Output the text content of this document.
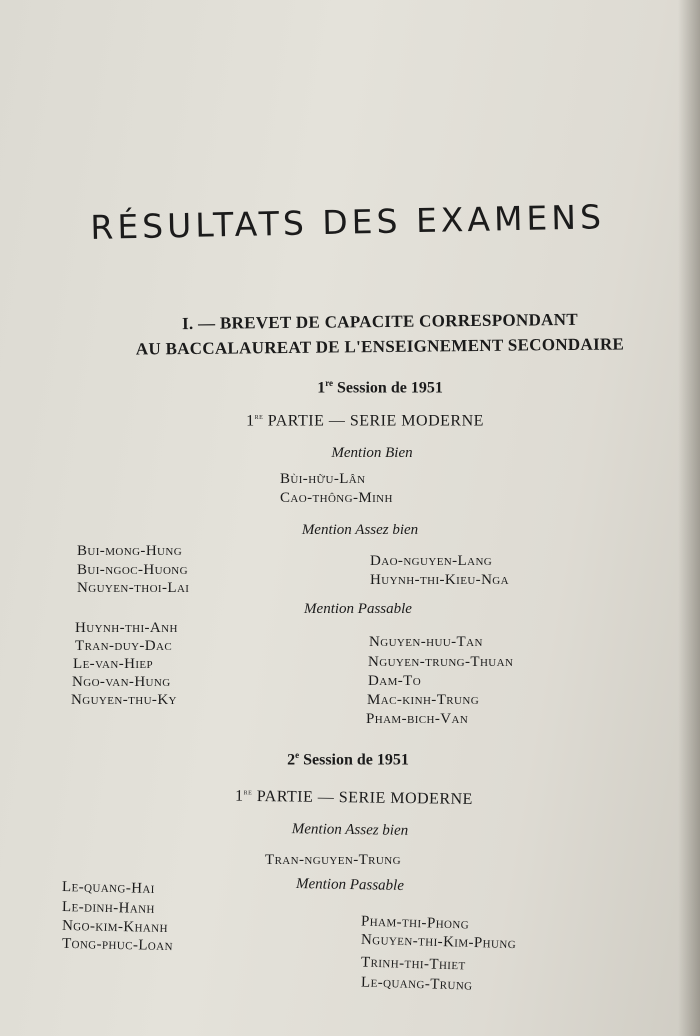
RÉSULTATS DES EXAMENS
I. — BREVET DE CAPACITE CORRESPONDANT
AU BACCALAUREAT DE L'ENSEIGNEMENT SECONDAIRE
1re Session de 1951
1re PARTIE — SERIE MODERNE
Mention Bien
Bùi-hữu-Lân
Cao-thông-Minh
Mention Assez bien
Bui-mong-Hung
Bui-ngoc-Huong
Nguyen-thoi-Lai
Dao-nguyen-Lang
Huynh-thi-Kieu-Nga
Mention Passable
Huynh-thi-Anh
Tran-duy-Dac
Le-van-Hiep
Ngo-van-Hung
Nguyen-thu-Ky
Nguyen-huu-Tan
Nguyen-trung-Thuan
Dam-To
Mac-kinh-Trung
Pham-bich-Van
2e Session de 1951
1re PARTIE — SERIE MODERNE
Mention Assez bien
Tran-nguyen-Trung
Mention Passable
Le-quang-Hai
Le-dinh-Hanh
Ngo-kim-Khanh
Tong-phuc-Loan
Pham-thi-Phong
Nguyen-thi-Kim-Phung
Trinh-thi-Thiet
Le-quang-Trung
